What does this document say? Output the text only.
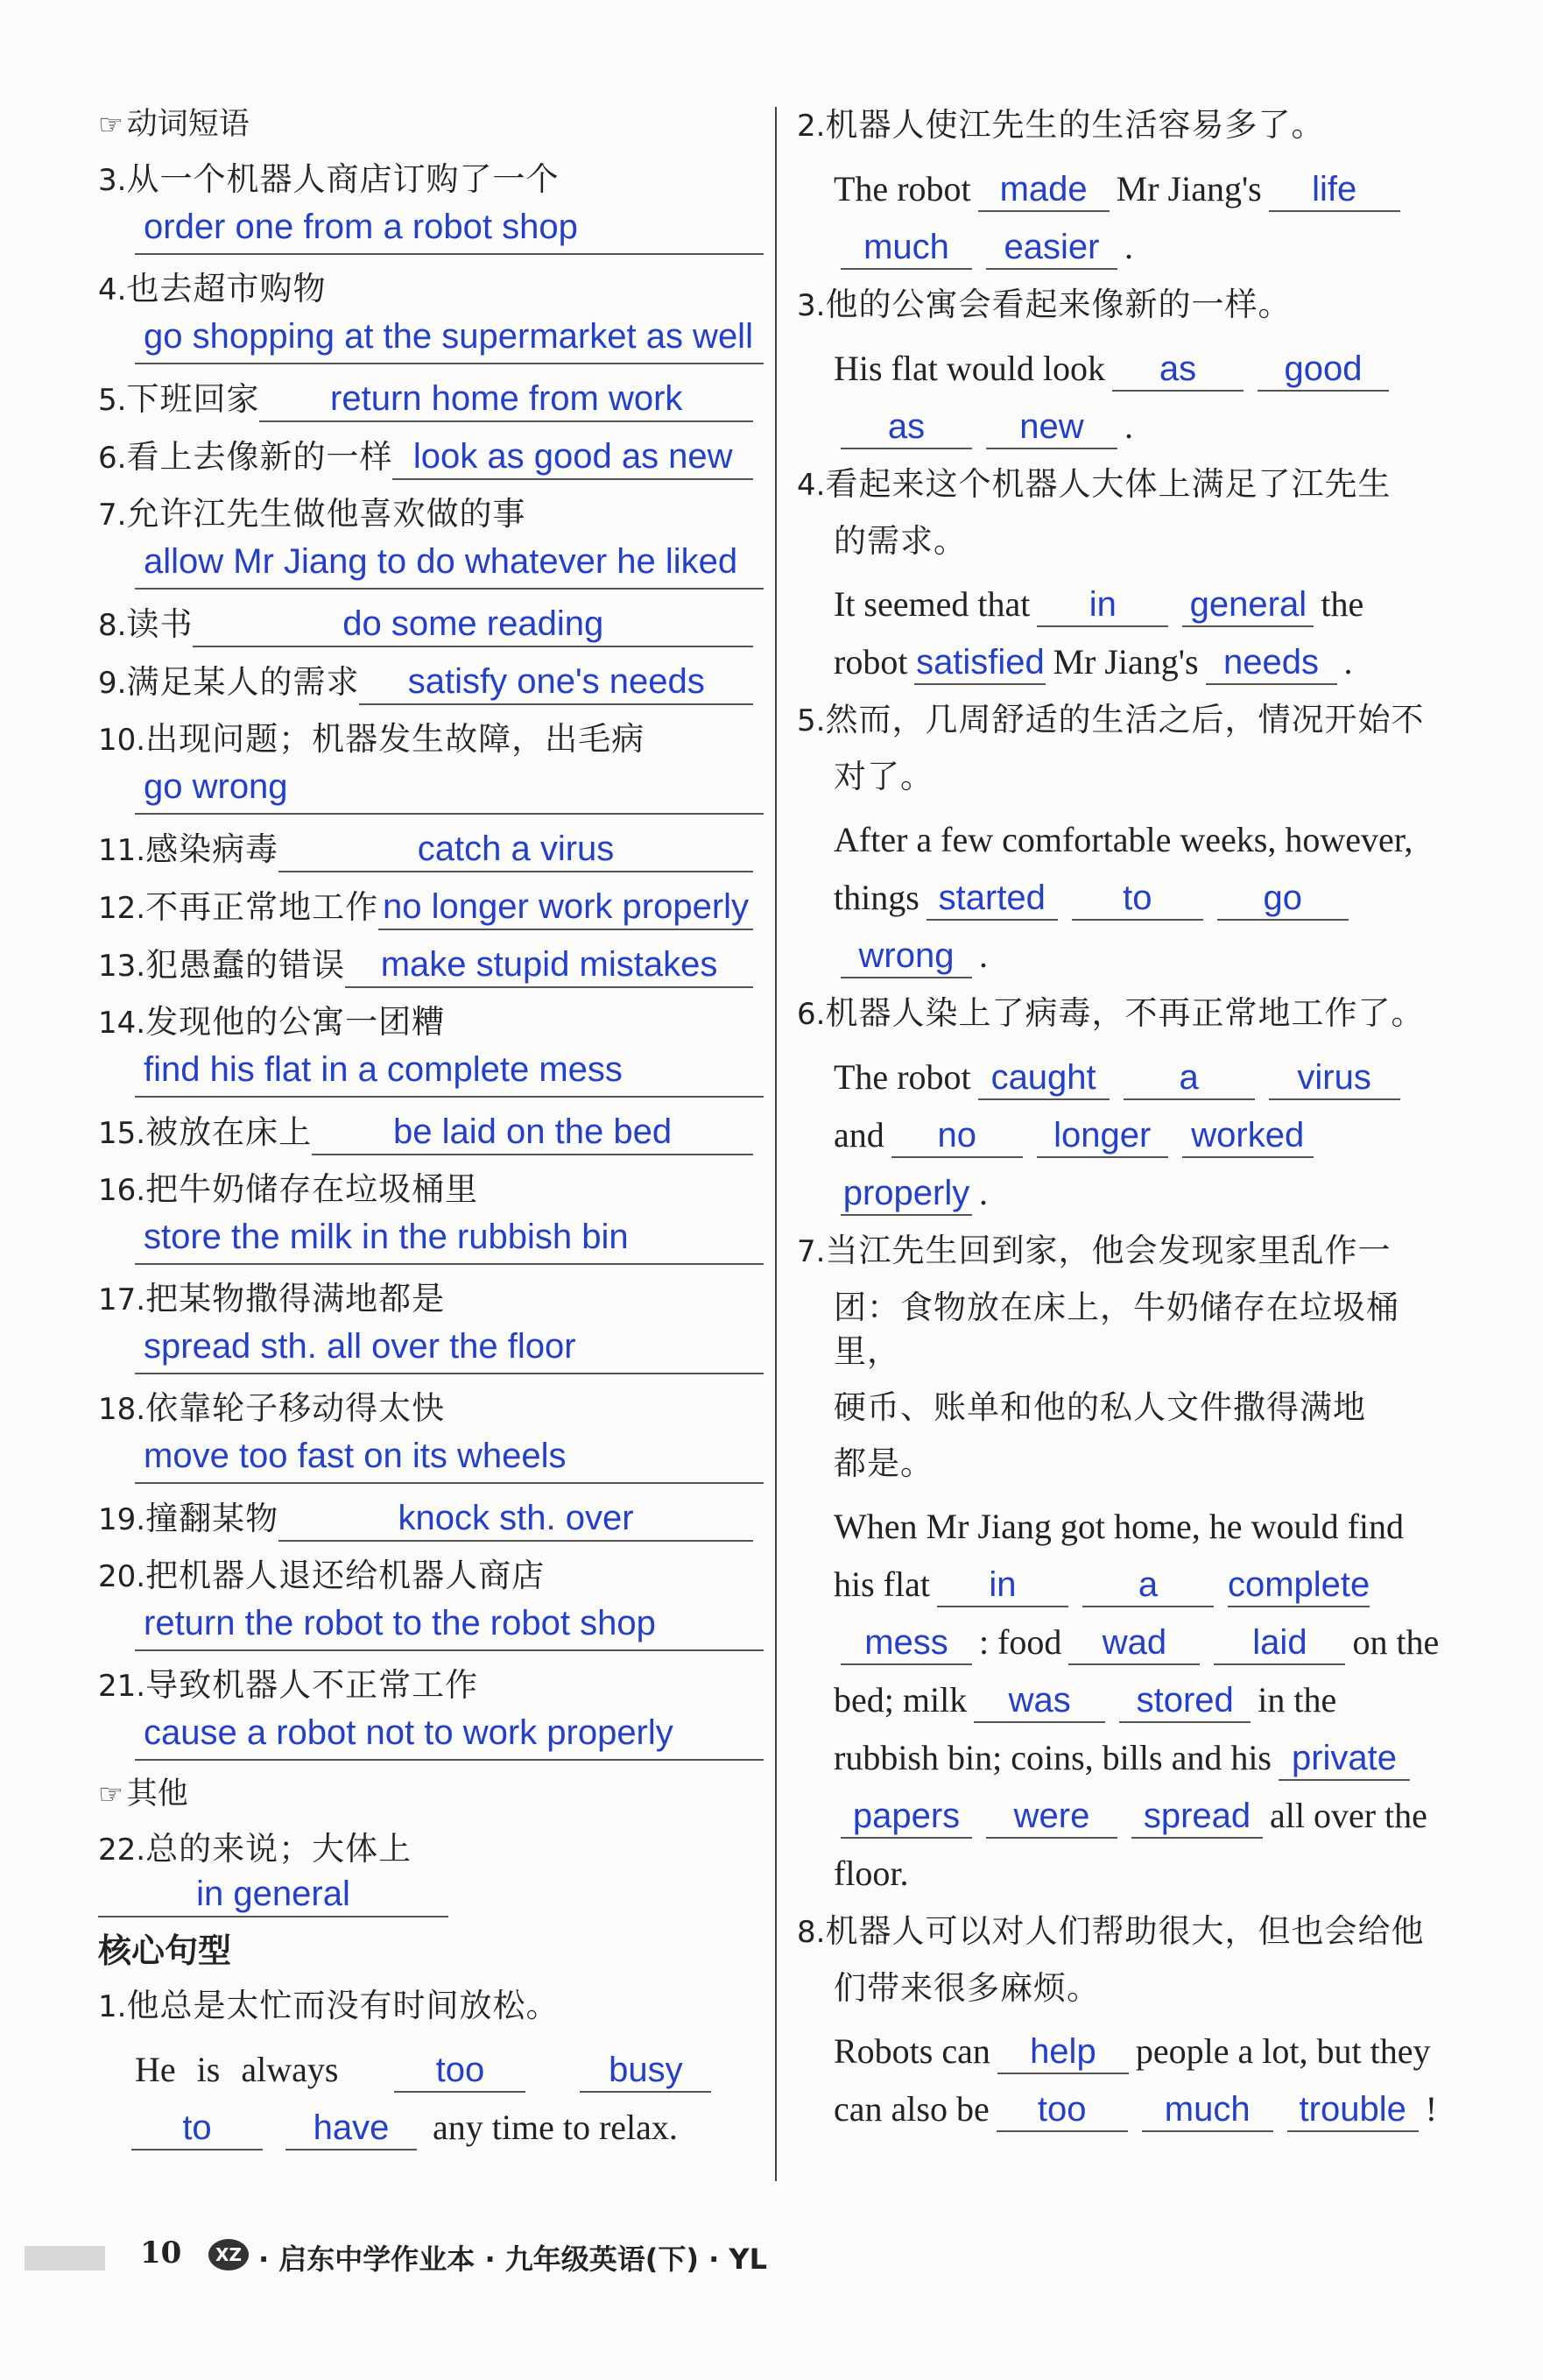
☞ 动词短语
3.从一个机器人商店订购了一个
order one from a robot shop
4.也去超市购物
go shopping at the supermarket as well
5.下班回家 return home from work
6.看上去像新的一样 look as good as new
7.允许江先生做他喜欢做的事
allow Mr Jiang to do whatever he liked
8.读书	do some reading
9.满足某人的需求 satisfy one's needs
10.出现问题；机器发生故障，出毛病
go wrong
11.感染病毒	catch a virus
12.不再正常地工作 no longer work properly
13.犯愚蠢的错误 make stupid mistakes
14.发现他的公寓一团糟
find his flat in a complete mess
15.被放在床上 be laid on the bed
16.把牛奶储存在垃圾桶里
store the milk in the rubbish bin
17.把某物撒得满地都是
spread sth. all over the floor
18.依靠轮子移动得太快
move too fast on its wheels
19.撞翻某物	knock sth. over
20.把机器人退还给机器人商店
return the robot to the robot shop
21.导致机器人不正常工作
cause a robot not to work properly
☞ 其他
22.总的来说；大体上 in general
核心句型
1.他总是太忙而没有时间放松。
He is always	too	busy
to	have any time to relax.
2.机器人使江先生的生活容易多了。
The robot made Mr Jiang's life
much easier .
3.他的公寓会看起来像新的一样。
His flat would look as	good
as	new .
4.看起来这个机器人大体上满足了江先生
的需求。
It seemed that in general the
robot satisfied Mr Jiang's needs .
5.然而，几周舒适的生活之后，情况开始不
对了。
After a few comfortable weeks, however,
things started to	go
wrong .
6.机器人染上了病毒，不再正常地工作了。
The robot caught a	virus
and no longer worked
properly .
7.当江先生回到家，他会发现家里乱作一
团：食物放在床上，牛奶储存在垃圾桶里，
硬币、账单和他的私人文件撒得满地
都是。
When Mr Jiang got home, he would find
his flat in	a complete
mess : food wad laid on the
bed; milk was stored in the
rubbish bin; coins, bills and his private
papers were spread all over the
floor.
8.机器人可以对人们帮助很大，但也会给他
们带来很多麻烦。
Robots can help people a lot, but they
can also be too much trouble !
10	XZ · 启东中学作业本 · 九年级英语(下) · YL
